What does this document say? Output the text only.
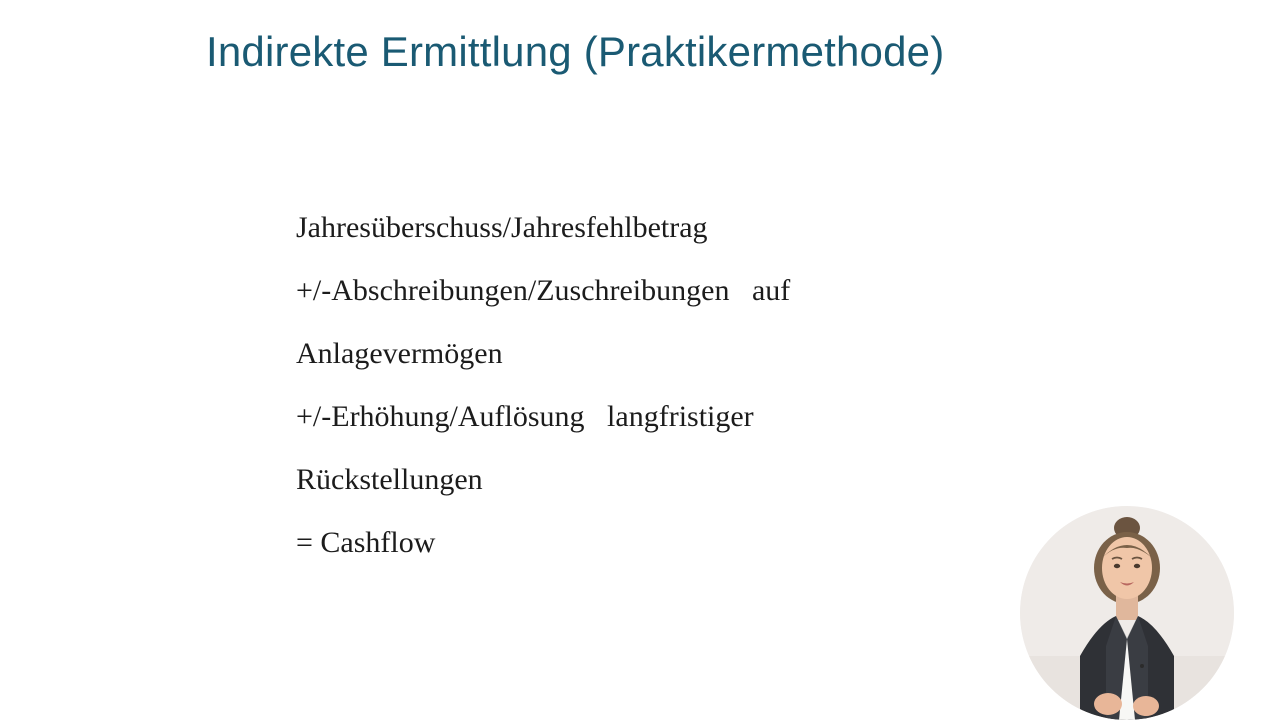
Indirekte Ermittlung (Praktikermethode)
Jahresüberschuss/Jahresfehlbetrag
+/-Abschreibungen/Zuschreibungen   auf
Anlagevermögen
+/-Erhöhung/Auflösung   langfristiger
Rückstellungen
= Cashflow
